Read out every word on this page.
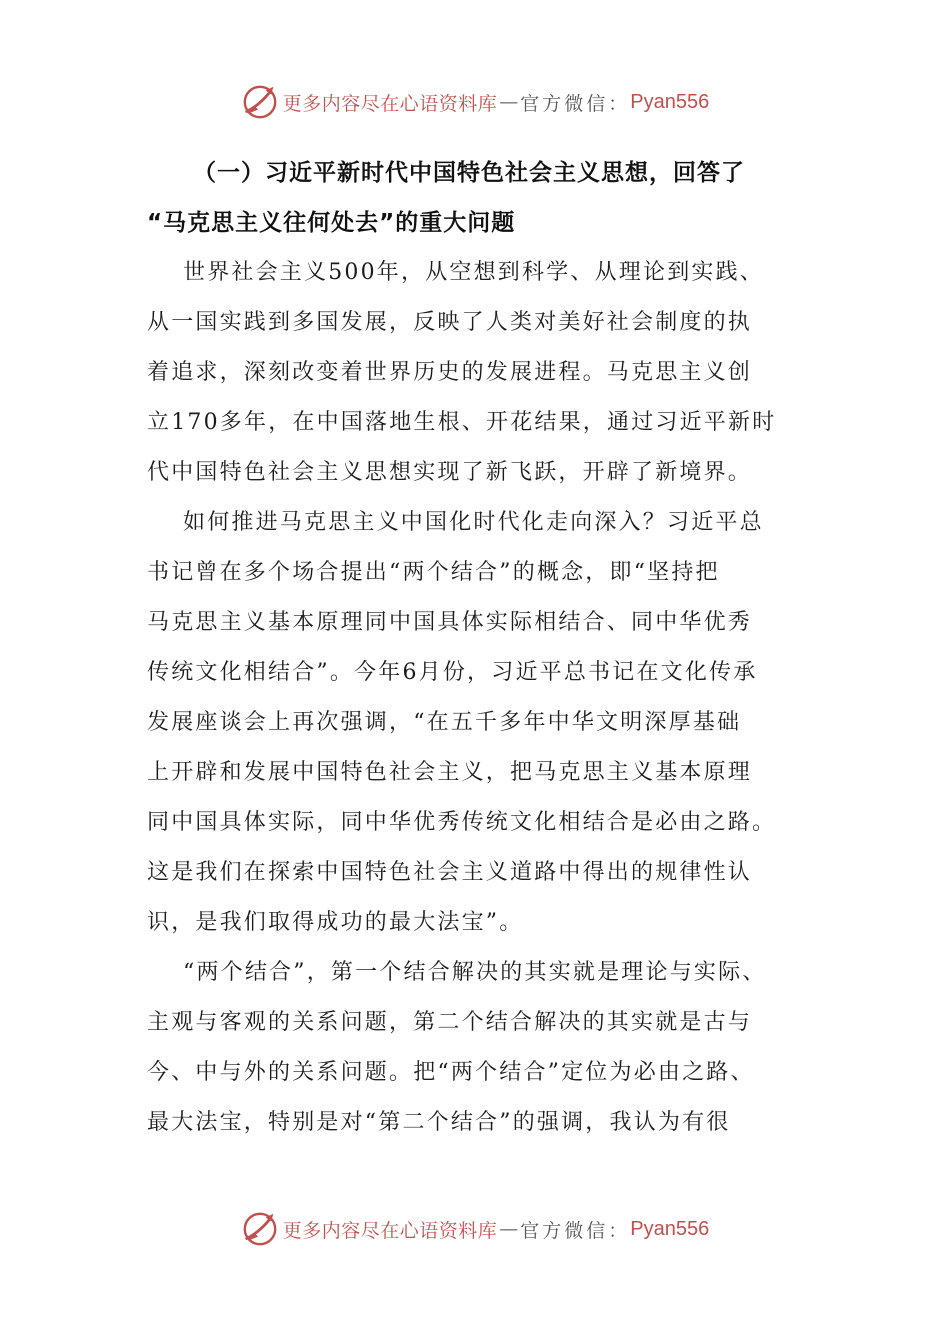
更多内容尽在心语资料库 — 官方微信： Pyan556
（一）习近平新时代中国特色社会主义思想，回答了
“马克思主义往何处去”的重大问题

世界社会主义500年，从空想到科学、从理论到实践、
从一国实践到多国发展，反映了人类对美好社会制度的执
着追求，深刻改变着世界历史的发展进程。马克思主义创
立170多年，在中国落地生根、开花结果，通过习近平新时
代中国特色社会主义思想实现了新飞跃，开辟了新境界。

如何推进马克思主义中国化时代化走向深入？习近平总
书记曾在多个场合提出“两个结合”的概念，即“坚持把
马克思主义基本原理同中国具体实际相结合、同中华优秀
传统文化相结合”。今年6月份，习近平总书记在文化传承
发展座谈会上再次强调，“在五千多年中华文明深厚基础
上开辟和发展中国特色社会主义，把马克思主义基本原理
同中国具体实际，同中华优秀传统文化相结合是必由之路。
这是我们在探索中国特色社会主义道路中得出的规律性认
识，是我们取得成功的最大法宝”。

“两个结合”，第一个结合解决的其实就是理论与实际、
主观与客观的关系问题，第二个结合解决的其实就是古与
今、中与外的关系问题。把“两个结合”定位为必由之路、
最大法宝，特别是对“第二个结合”的强调，我认为有很

更多内容尽在心语资料库 — 官方微信： Pyan556
